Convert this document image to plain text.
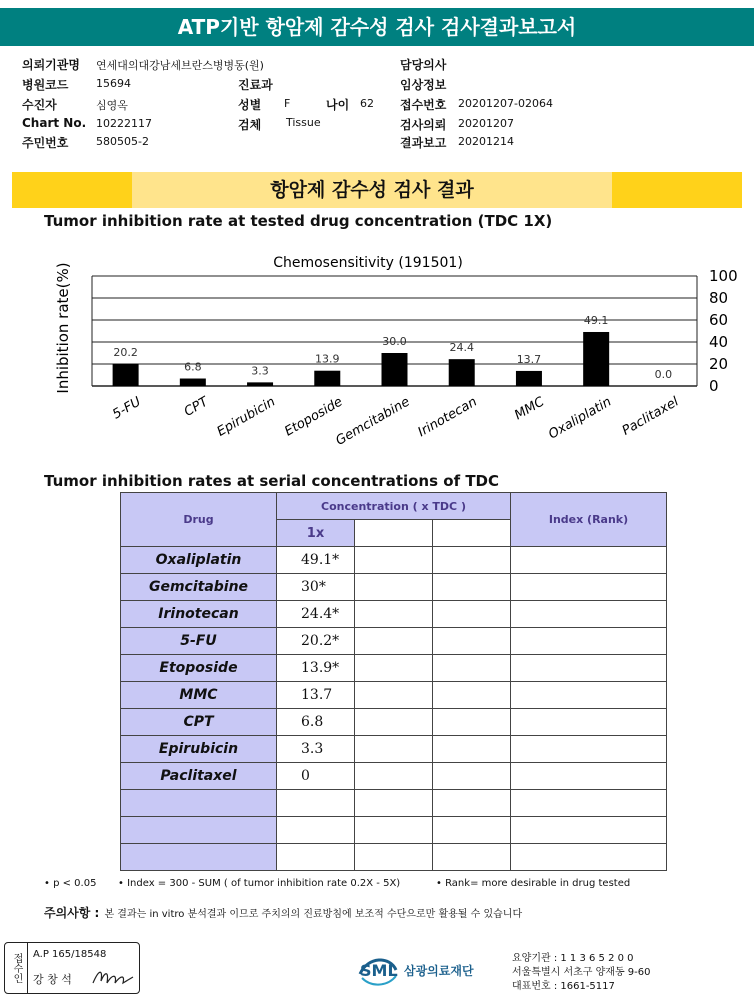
ATP기반 항암제 감수성 검사 검사결과보고서
의뢰기관명 연세대의대강남세브란스병병동(원)
병원코드	15694	진료과
수진자	심영옥	성별 F	나이 62
Chart No. 10222117	검체 Tissue
주민번호	580505-2
담당의사
임상정보
접수번호 20201207-02064
검사의뢰 20201207
결과보고 20201214
항암제 감수성 검사 결과
Tumor inhibition rate at tested drug concentration (TDC 1X)
Chemosensitivity (191501)
100
80
60
40
20
0
20.2
6.8	3.3
13.9
30.0	24.4
13.7
49.1
0.0
5-FU	CPT Epirubicin Etoposide
Gemcitabine Irinotecan MMC Oxaliplatin Paclitaxel
Inhibition rate(%)
Tumor inhibition rates at serial concentrations of TDC
Drug	Concentration ( x TDC )			Index (Rank)
	1x			
Oxaliplatin	49.1*			
Gemcitabine	30*			
Irinotecan	24.4*			
5-FU	20.2*			
Etoposide	13.9*			
MMC	13.7			
CPT	6.8			
Epirubicin	3.3			
Paclitaxel	0			

• p < 0.05 • Index = 300 - SUM ( of tumor inhibition rate 0.2X - 5X)	• Rank= more desirable in drug tested
주의사항 : 본 결과는 in vitro 분석결과 이므로 주치의의 진료방침에 보조적 수단으로만 활용될 수 있습니다
접수인	A.P 165/18548
강 창 석	SML 삼광의료재단
요양기관 : 1 1 3 6 5 2 0 0
서울특별시 서초구 양재동 9-60
대표번호 : 1661-5117
